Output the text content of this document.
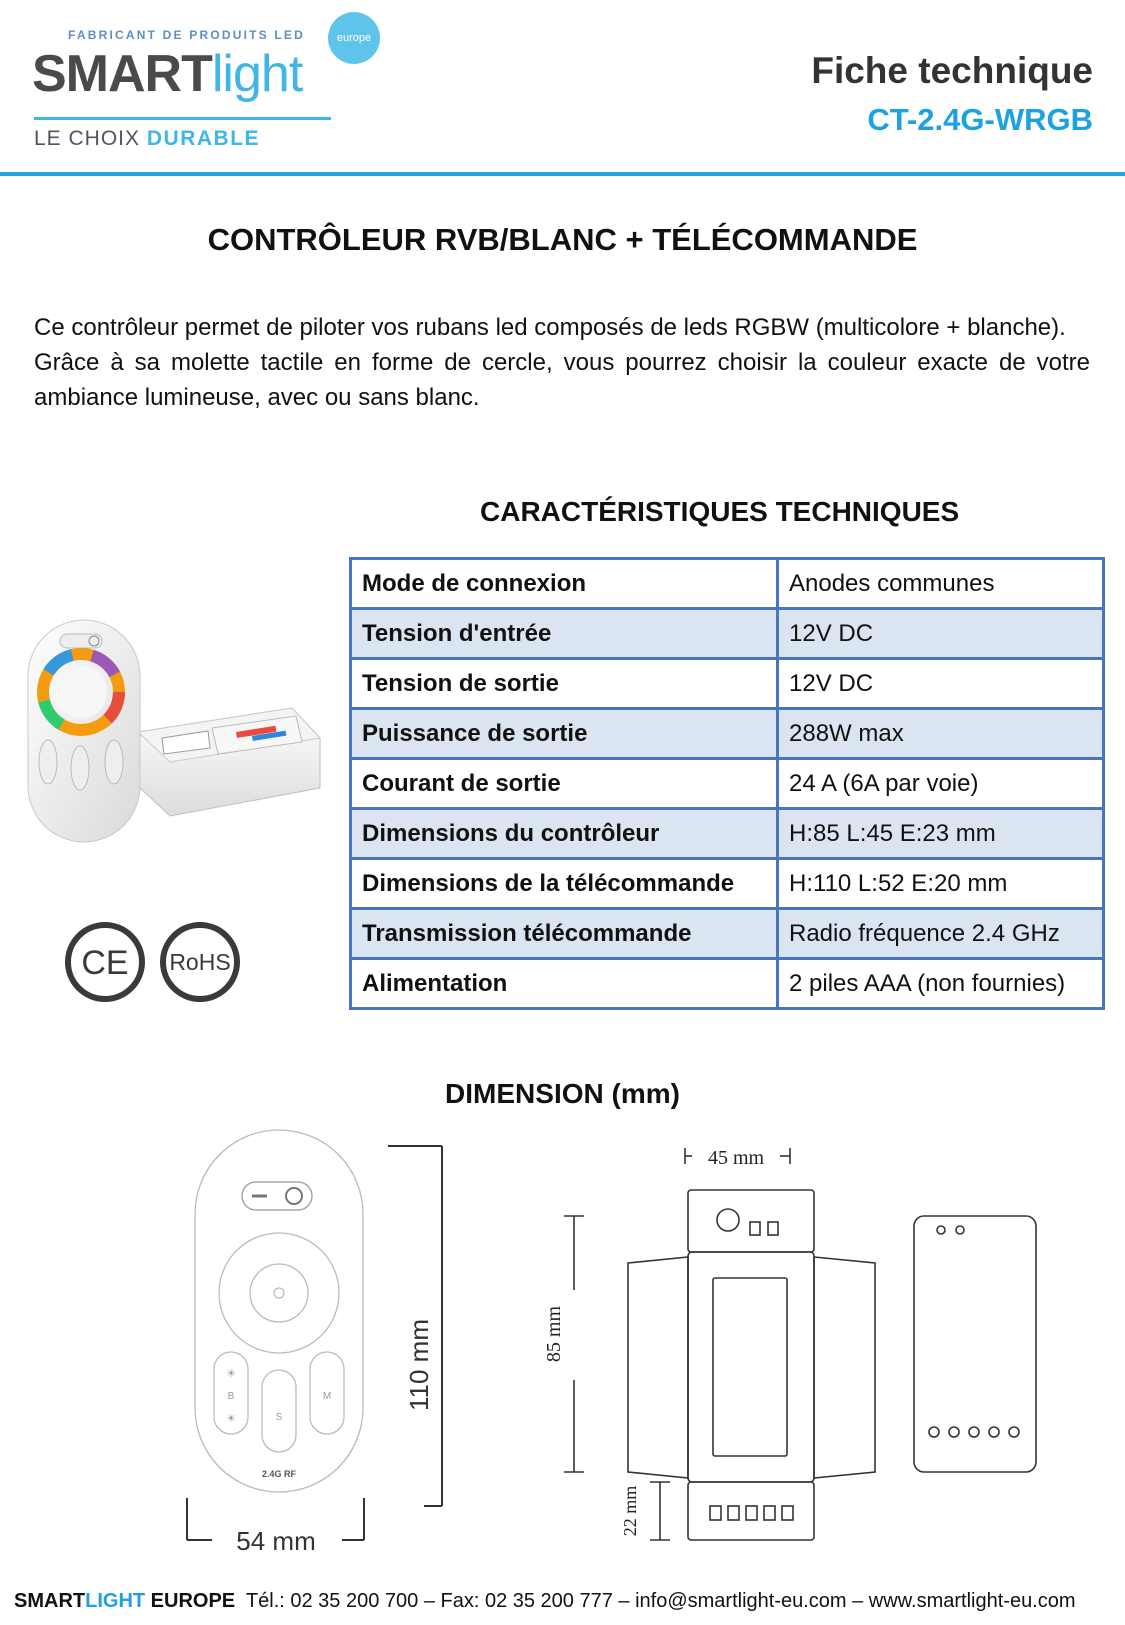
FABRICANT DE PRODUITS LED
SMARTlight
europe
LE CHOIX DURABLE
Fiche technique
CT-2.4G-WRGB
CONTRÔLEUR RVB/BLANC + TÉLÉCOMMANDE

Ce contrôleur permet de piloter vos rubans led composés de leds RGBW (multicolore + blanche).

Grâce à sa molette tactile en forme de cercle, vous pourrez choisir la couleur exacte de votre ambiance lumineuse, avec ou sans blanc.

CE RoHS
CARACTÉRISTIQUES TECHNIQUES
Mode de connexion	Anodes communes
Tension d'entrée	12V DC
Tension de sortie	12V DC
Puissance de sortie	288W max
Courant de sortie	24 A (6A par voie)
Dimensions du contrôleur	H:85 L:45 E:23 mm
Dimensions de la télécommande	H:110 L:52 E:20 mm
Transmission télécommande	Radio fréquence 2.4 GHz
Alimentation	2 piles AAA (non fournies)
DIMENSION (mm)
☀
B
☀	S
M
2.4G RF
110 mm
54 mm
45 mm
85 mm
22 mm
SMARTLIGHT EUROPE Tél.: 02 35 200 700 – Fax: 02 35 200 777 – info@smartlight-eu.com – www.smartlight-eu.com
